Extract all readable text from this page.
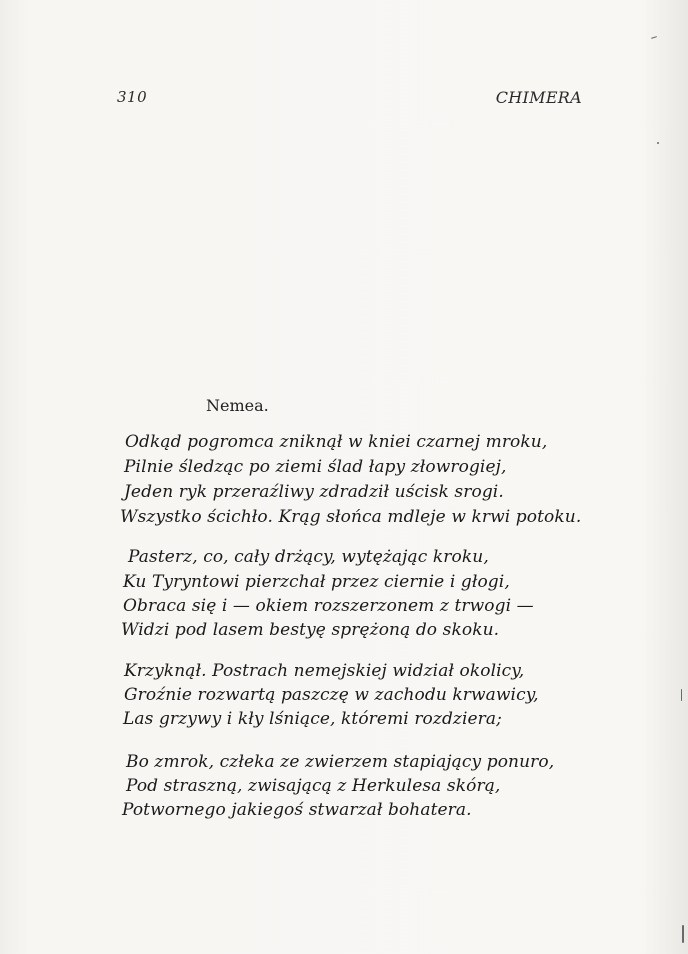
310	CHIMERA
Nemea.
Odkąd pogromca zniknął w kniei czarnej mroku,
Pilnie śledząc po ziemi ślad łapy złowrogiej,
Jeden ryk przeraźliwy zdradził uścisk srogi.
Wszystko ścichło. Krąg słońca mdleje w krwi potoku.
Pasterz, co, cały drżący, wytężając kroku,
Ku Tyryntowi pierzchał przez ciernie i głogi,
Obraca się i — okiem rozszerzonem z trwogi —
Widzi pod lasem bestyę sprężoną do skoku.
Krzyknął. Postrach nemejskiej widział okolicy,
Groźnie rozwartą paszczę w zachodu krwawicy,
Las grzywy i kły lśniące, któremi rozdziera;
Bo zmrok, człeka ze zwierzem stapiający ponuro,
Pod straszną, zwisającą z Herkulesa skórą,
Potwornego jakiegoś stwarzał bohatera.
